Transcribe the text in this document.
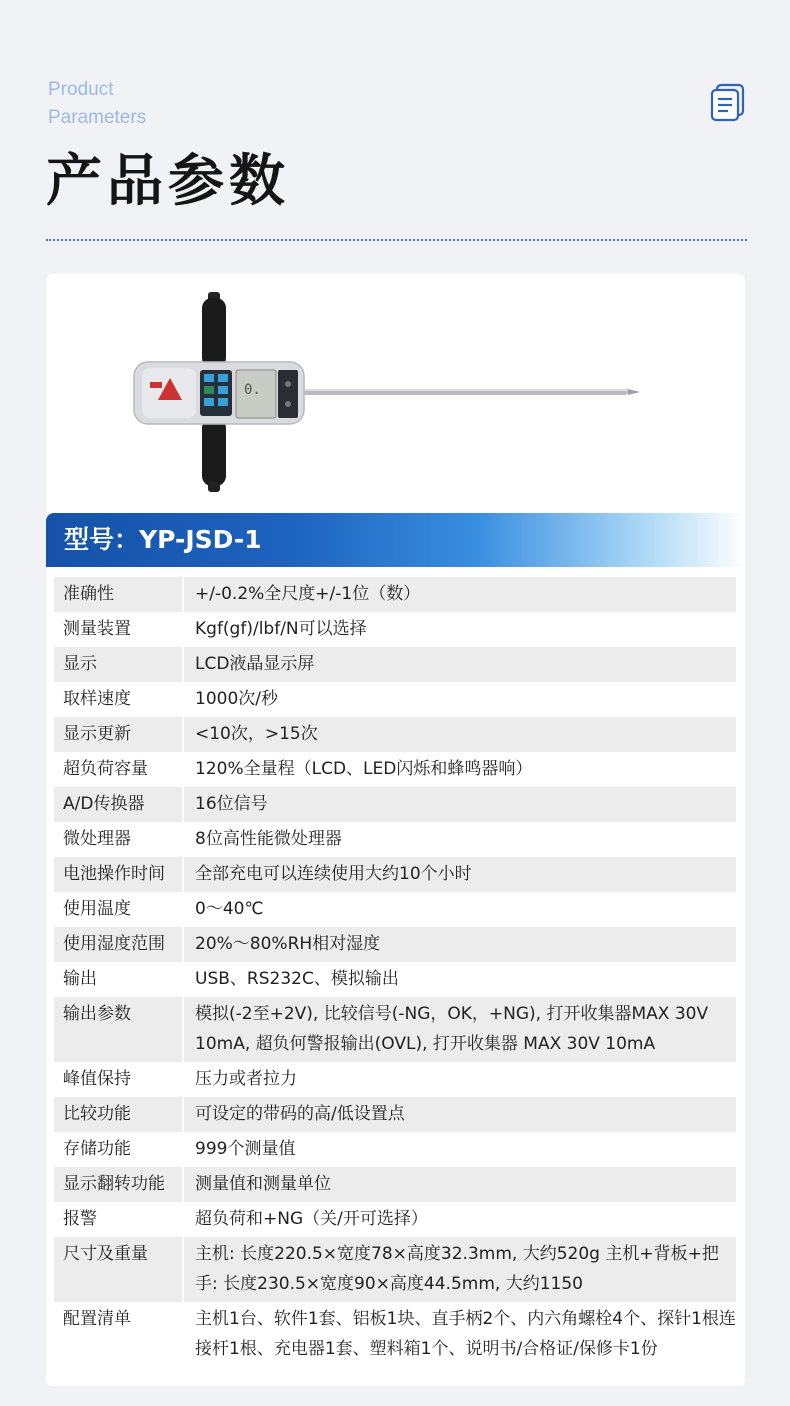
Product
Parameters
产品参数
0.
型号：YP-JSD-1
准确性	+/-0.2%全尺度+/-1位（数）
测量装置	Kgf(gf)/lbf/N可以选择
显示	LCD液晶显示屏
取样速度	1000次/秒
显示更新	<10次，>15次
超负荷容量	120%全量程（LCD、LED闪烁和蜂鸣器响）
A/D传换器	16位信号
微处理器	8位高性能微处理器
电池操作时间	全部充电可以连续使用大约10个小时
使用温度	0～40℃
使用湿度范围	20%～80%RH相对湿度
输出	USB、RS232C、模拟输出
输出参数	模拟(-2至+2V), 比较信号(-NG，OK，+NG), 打开收集器MAX 30V 10mA, 超负何警报输出(OVL), 打开收集器 MAX 30V 10mA
峰值保持	压力或者拉力
比较功能	可设定的带码的高/低设置点
存储功能	999个测量值
显示翻转功能	测量值和测量单位
报警	超负荷和+NG（关/开可选择）
尺寸及重量	主机: 长度220.5×宽度78×高度32.3mm, 大约520g 主机+背板+把手: 长度230.5×宽度90×高度44.5mm, 大约1150
配置清单	主机1台、软件1套、铝板1块、直手柄2个、内六角螺栓4个、探针1根连接杆1根、充电器1套、塑料箱1个、说明书/合格证/保修卡1份
